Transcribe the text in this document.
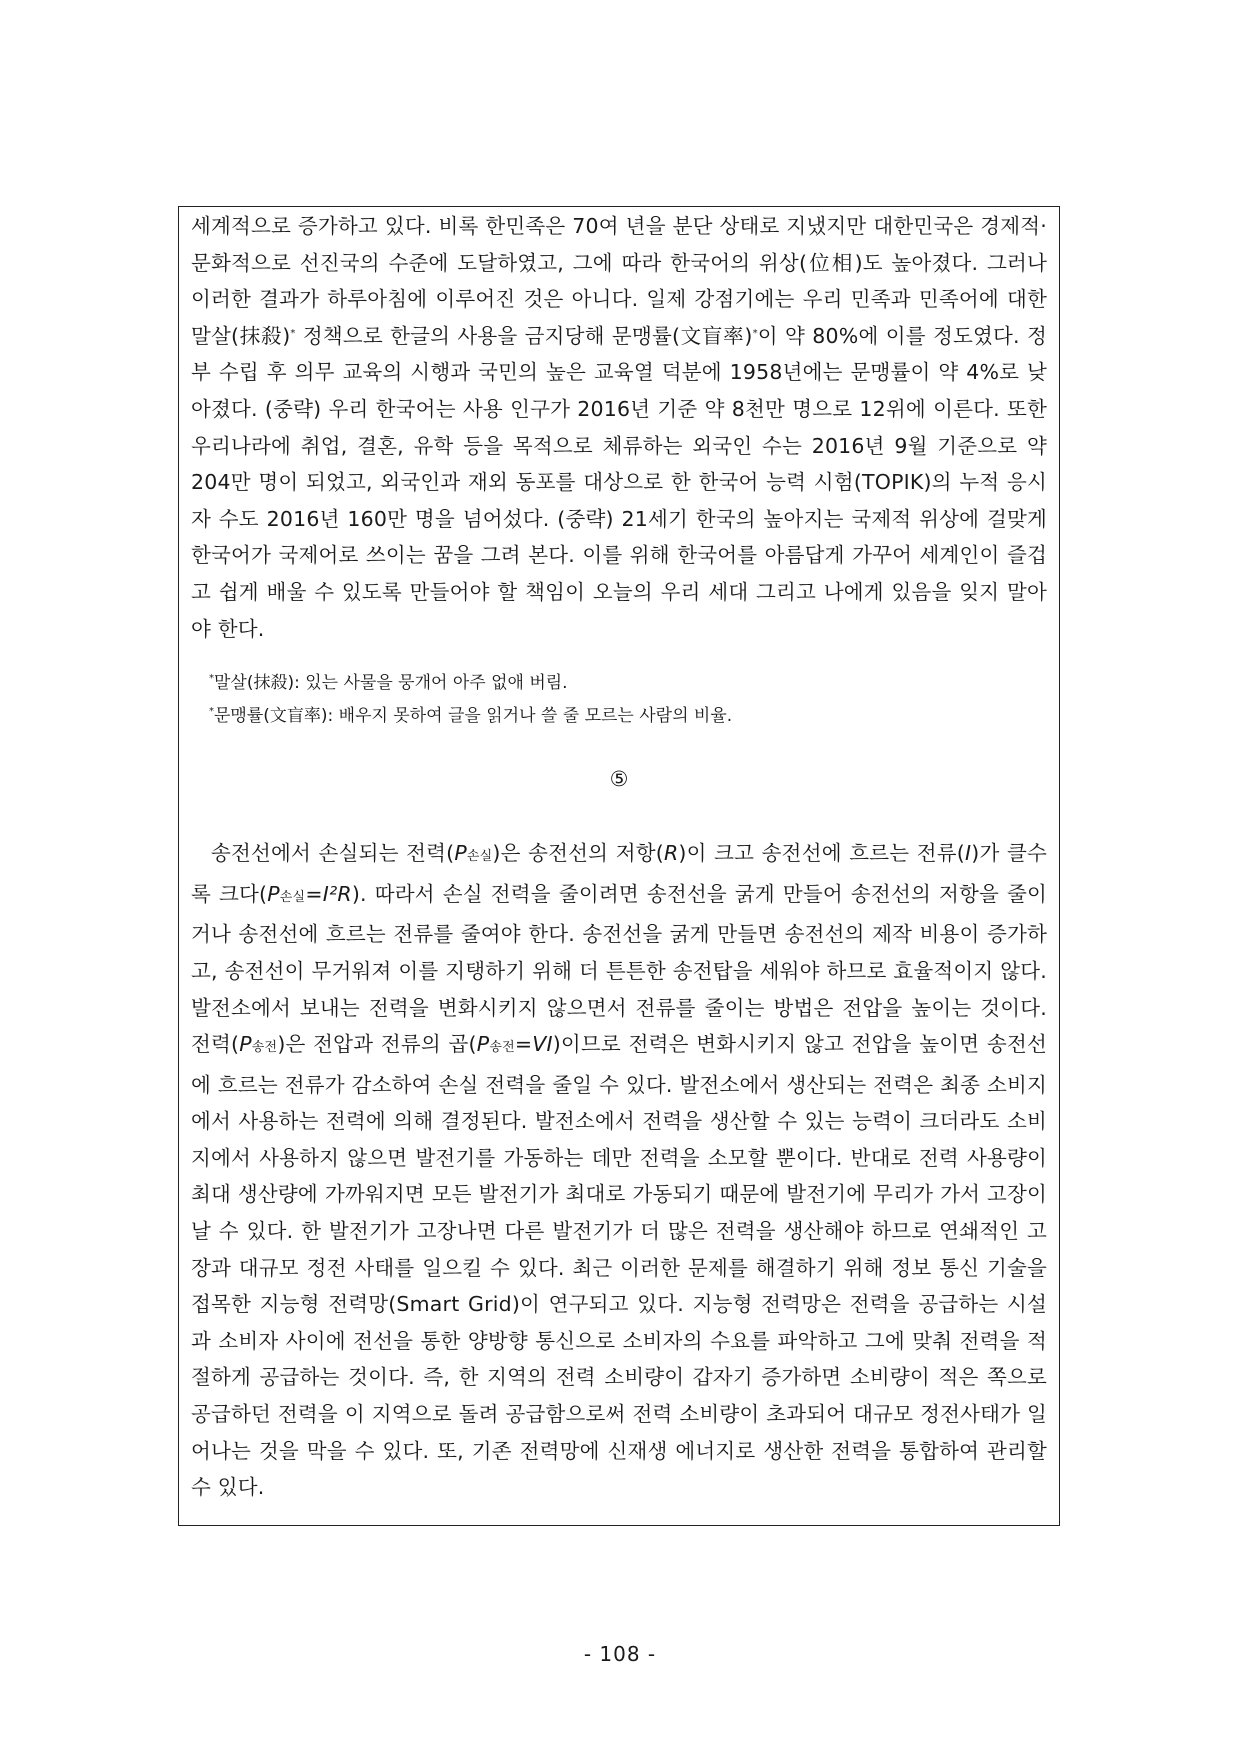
세계적으로 증가하고 있다. 비록 한민족은 70여 년을 분단 상태로 지냈지만 대한민국은 경제적·문화적으로 선진국의 수준에 도달하였고, 그에 따라 한국어의 위상(位相)도 높아졌다. 그러나 이러한 결과가 하루아침에 이루어진 것은 아니다. 일제 강점기에는 우리 민족과 민족어에 대한 말살(抹殺)* 정책으로 한글의 사용을 금지당해 문맹률(文盲率)*이 약 80%에 이를 정도였다. 정부 수립 후 의무 교육의 시행과 국민의 높은 교육열 덕분에 1958년에는 문맹률이 약 4%로 낮아졌다. (중략) 우리 한국어는 사용 인구가 2016년 기준 약 8천만 명으로 12위에 이른다. 또한 우리나라에 취업, 결혼, 유학 등을 목적으로 체류하는 외국인 수는 2016년 9월 기준으로 약 204만 명이 되었고, 외국인과 재외 동포를 대상으로 한 한국어 능력 시험(TOPIK)의 누적 응시자 수도 2016년 160만 명을 넘어섰다. (중략) 21세기 한국의 높아지는 국제적 위상에 걸맞게 한국어가 국제어로 쓰이는 꿈을 그려 본다. 이를 위해 한국어를 아름답게 가꾸어 세계인이 즐겁고 쉽게 배울 수 있도록 만들어야 할 책임이 오늘의 우리 세대 그리고 나에게 있음을 잊지 말아야 한다.

*말살(抹殺): 있는 사물을 뭉개어 아주 없애 버림.

*문맹률(文盲率): 배우지 못하여 글을 읽거나 쓸 줄 모르는 사람의 비율.

⑤

송전선에서 손실되는 전력(P손실)은 송전선의 저항(R)이 크고 송전선에 흐르는 전류(I)가 클수록 크다(P손실=I²R). 따라서 손실 전력을 줄이려면 송전선을 굵게 만들어 송전선의 저항을 줄이거나 송전선에 흐르는 전류를 줄여야 한다. 송전선을 굵게 만들면 송전선의 제작 비용이 증가하고, 송전선이 무거워져 이를 지탱하기 위해 더 튼튼한 송전탑을 세워야 하므로 효율적이지 않다. 발전소에서 보내는 전력을 변화시키지 않으면서 전류를 줄이는 방법은 전압을 높이는 것이다. 전력(P송전)은 전압과 전류의 곱(P송전=VI)이므로 전력은 변화시키지 않고 전압을 높이면 송전선에 흐르는 전류가 감소하여 손실 전력을 줄일 수 있다. 발전소에서 생산되는 전력은 최종 소비지에서 사용하는 전력에 의해 결정된다. 발전소에서 전력을 생산할 수 있는 능력이 크더라도 소비지에서 사용하지 않으면 발전기를 가동하는 데만 전력을 소모할 뿐이다. 반대로 전력 사용량이 최대 생산량에 가까워지면 모든 발전기가 최대로 가동되기 때문에 발전기에 무리가 가서 고장이 날 수 있다. 한 발전기가 고장나면 다른 발전기가 더 많은 전력을 생산해야 하므로 연쇄적인 고장과 대규모 정전 사태를 일으킬 수 있다. 최근 이러한 문제를 해결하기 위해 정보 통신 기술을 접목한 지능형 전력망(Smart Grid)이 연구되고 있다. 지능형 전력망은 전력을 공급하는 시설과 소비자 사이에 전선을 통한 양방향 통신으로 소비자의 수요를 파악하고 그에 맞춰 전력을 적절하게 공급하는 것이다. 즉, 한 지역의 전력 소비량이 갑자기 증가하면 소비량이 적은 쪽으로 공급하던 전력을 이 지역으로 돌려 공급함으로써 전력 소비량이 초과되어 대규모 정전사태가 일어나는 것을 막을 수 있다. 또, 기존 전력망에 신재생 에너지로 생산한 전력을 통합하여 관리할 수 있다.

- 108 -
